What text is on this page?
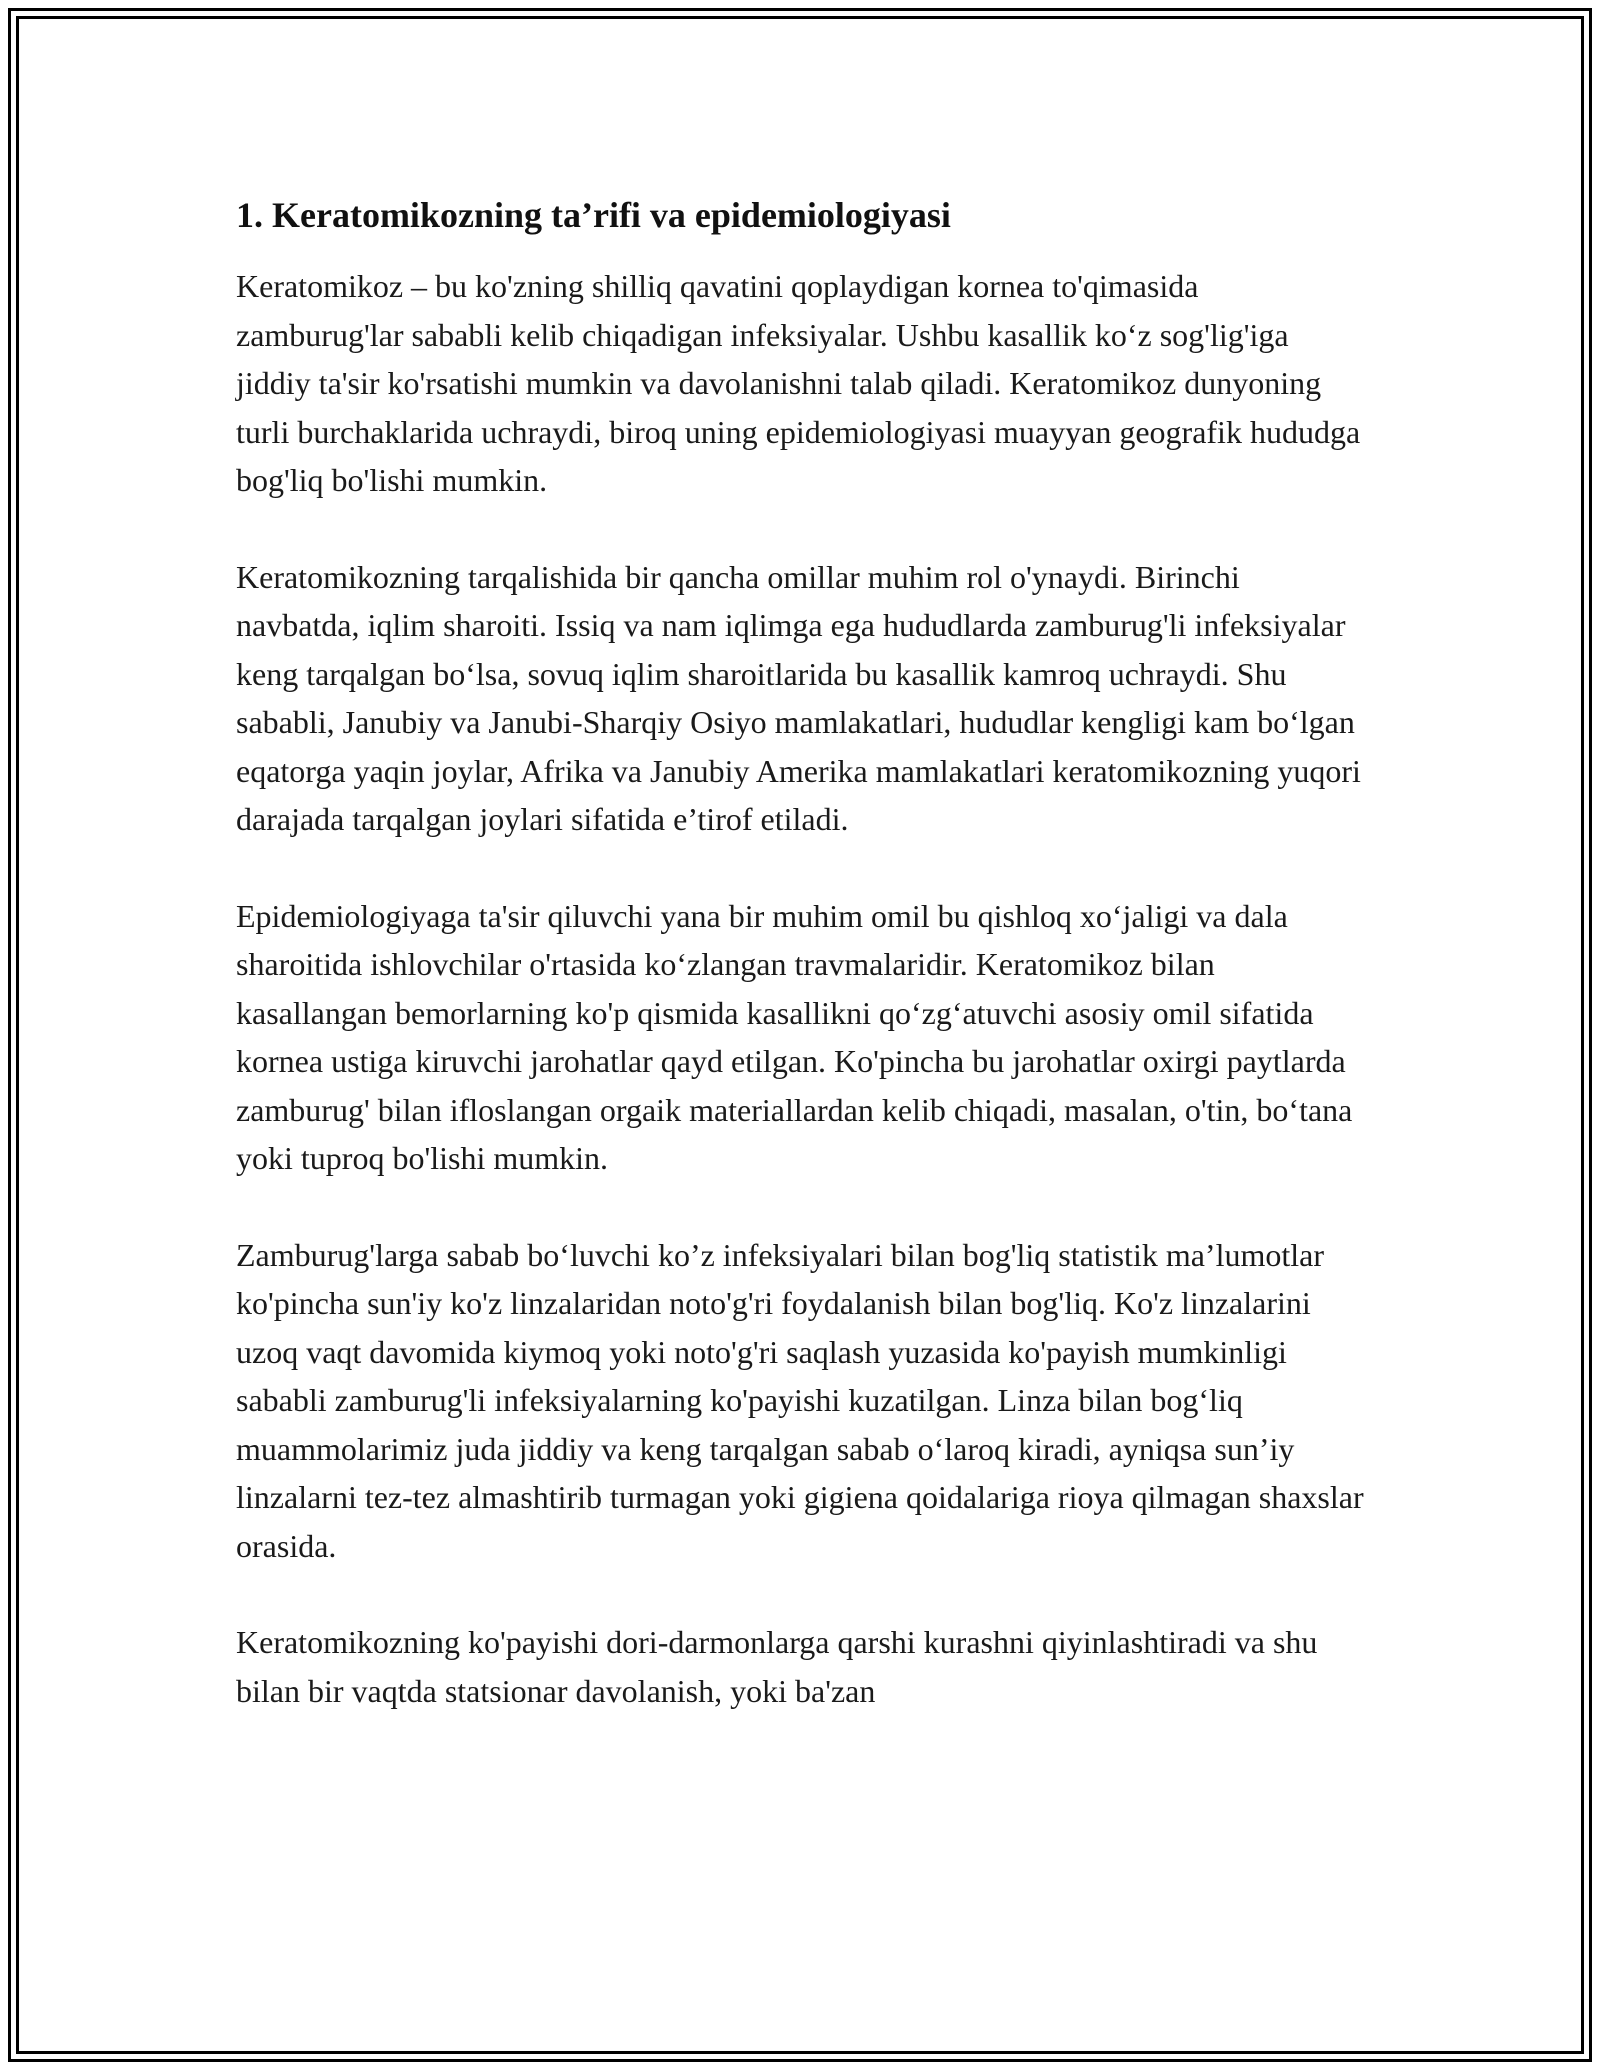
1. Keratomikozning ta’rifi va epidemiologiyasi

Keratomikoz – bu ko'zning shilliq qavatini qoplaydigan kornea to'qimasida zamburug'lar sababli kelib chiqadigan infeksiyalar. Ushbu kasallik ko‘z sog'lig'iga jiddiy ta'sir ko'rsatishi mumkin va davolanishni talab qiladi. Keratomikoz dunyoning turli burchaklarida uchraydi, biroq uning epidemiologiyasi muayyan geografik hududga bog'liq bo'lishi mumkin.

Keratomikozning tarqalishida bir qancha omillar muhim rol o'ynaydi. Birinchi navbatda, iqlim sharoiti. Issiq va nam iqlimga ega hududlarda zamburug'li infeksiyalar keng tarqalgan bo‘lsa, sovuq iqlim sharoitlarida bu kasallik kamroq uchraydi. Shu sababli, Janubiy va Janubi-Sharqiy Osiyo mamlakatlari, hududlar kengligi kam bo‘lgan eqatorga yaqin joylar, Afrika va Janubiy Amerika mamlakatlari keratomikozning yuqori darajada tarqalgan joylari sifatida e’tirof etiladi.

Epidemiologiyaga ta'sir qiluvchi yana bir muhim omil bu qishloq xo‘jaligi va dala sharoitida ishlovchilar o'rtasida ko‘zlangan travmalaridir. Keratomikoz bilan kasallangan bemorlarning ko'p qismida kasallikni qo‘zg‘atuvchi asosiy omil sifatida kornea ustiga kiruvchi jarohatlar qayd etilgan. Ko'pincha bu jarohatlar oxirgi paytlarda zamburug' bilan ifloslangan orgaik materiallardan kelib chiqadi, masalan, o'tin, bo‘tana yoki tuproq bo'lishi mumkin.

Zamburug'larga sabab bo‘luvchi ko’z infeksiyalari bilan bog'liq statistik ma’lumotlar ko'pincha sun'iy ko'z linzalaridan noto'g'ri foydalanish bilan bog'liq. Ko'z linzalarini uzoq vaqt davomida kiymoq yoki noto'g'ri saqlash yuzasida ko'payish mumkinligi sababli zamburug'li infeksiyalarning ko'payishi kuzatilgan. Linza bilan bog‘liq muammolarimiz juda jiddiy va keng tarqalgan sabab o‘laroq kiradi, ayniqsa sun’iy linzalarni tez-tez almashtirib turmagan yoki gigiena qoidalariga rioya qilmagan shaxslar orasida.

Keratomikozning ko'payishi dori-darmonlarga qarshi kurashni qiyinlashtiradi va shu bilan bir vaqtda statsionar davolanish, yoki ba'zan
